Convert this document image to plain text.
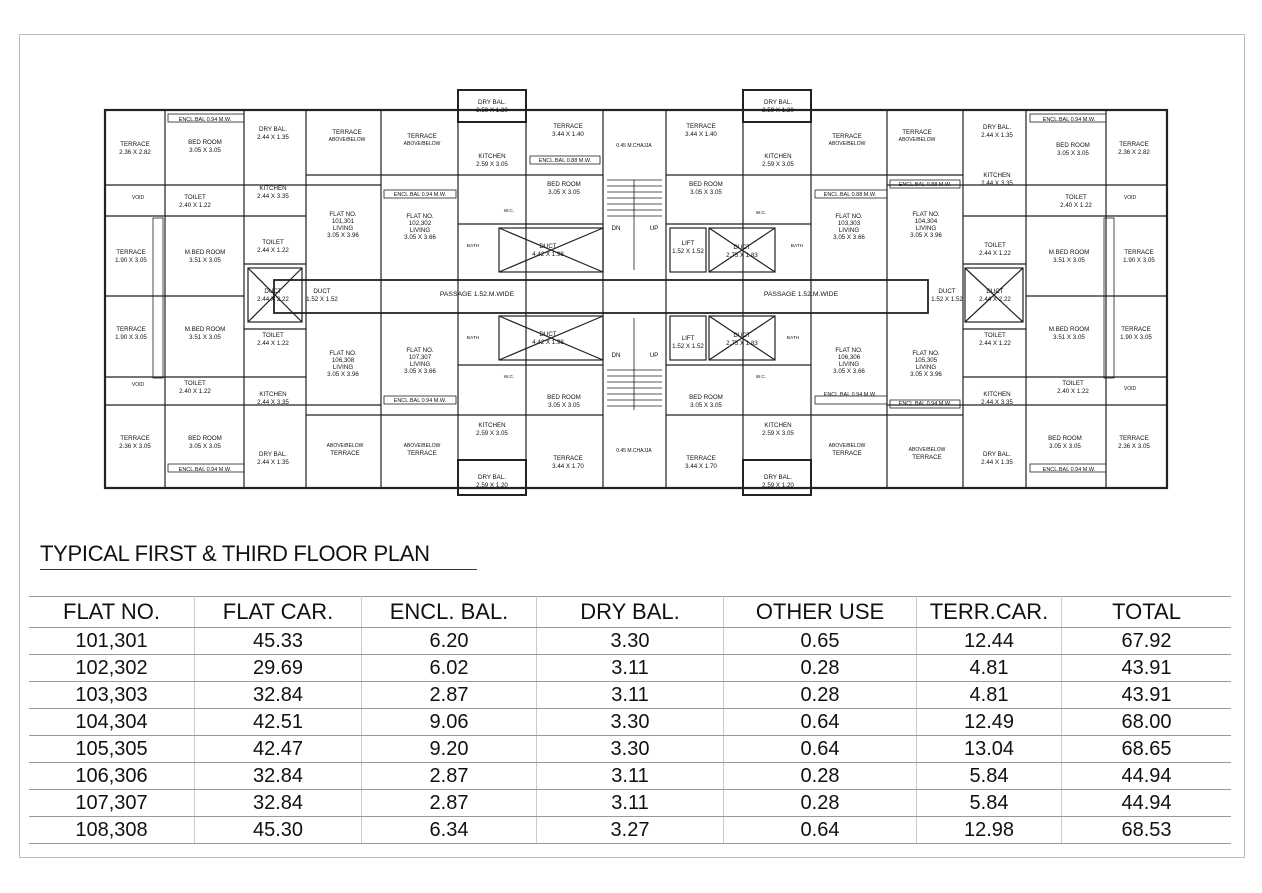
PASSAGE 1.52.M.WIDE
PASSAGE 1.52.M.WIDE
FLAT NO.
101,301
LIVING
3.05 X 3.96
FLAT NO.
102,302
LIVING
3.05 X 3.66
FLAT NO.
103,303
LIVING
3.05 X 3.66
FLAT NO.
104,304
LIVING
3.05 X 3.96
FLAT NO.
106,308
LIVING
3.05 X 3.96
FLAT NO.
107,307
LIVING
3.05 X 3.66
FLAT NO.
106,306
LIVING
3.05 X 3.66
FLAT NO.
105,305
LIVING
3.05 X 3.96
TERRACE
2.36 X 2.82
BED ROOM
3.05 X 3.05
DRY BAL.
2.44 X 1.35
KITCHEN
2.44 X 3.35
TOILET
2.40 X 1.22
TOILET
2.44 X 1.22
TERRACE
1.90 X 3.05
M.BED ROOM
3.51 X 3.05
DUCT
2.44 X 2.22
DUCT
1.52 X 1.52
TERRACE
1.90 X 3.05
M.BED ROOM
3.51 X 3.05	TOILET
2.44 X 1.22
TOILET
2.40 X 1.22	KITCHEN
2.44 X 3.35
TERRACE
2.36 X 3.05
BED ROOM
3.05 X 3.05
DRY BAL.
2.44 X 1.35
ENCL.BAL 0.94 M.W.
ENCL.BAL 0.94 M.W.
ENCL.BAL 0.94 M.W.
ENCL.BAL 0.94 M.W.
DRY BAL.
2.59 X 1.20
KITCHEN
2.59 X 3.05
TERRACE
3.44 X 1.40
ENCL.BAL 0.88 M.W.
BED ROOM
3.05 X 3.05
DUCT
4.42 X 1.98
DUCT
4.42 X 1.98
BATH
BATH
W.C.
W.C.
BED ROOM
3.05 X 3.05
KITCHEN
2.59 X 3.05
TERRACE
3.44 X 1.70
DRY BAL.
2.59 X 1.20
0.45 M.CHAJJA
0.45 M.CHAJJA
DN	UP
DN	UP
DRY BAL.
2.59 X 1.20
TERRACE
3.44 X 1.40
KITCHEN
2.59 X 3.05
BED ROOM
3.05 X 3.05
LIFT
1.52 X 1.52
DUCT
2.75 X 1.83
LIFT
1.52 X 1.52
DUCT
2.75 X 1.83
BATH
BATH
W.C.
W.C.
BED ROOM
3.05 X 3.05
KITCHEN
2.59 X 3.05
TERRACE
3.44 X 1.70
DRY BAL.
2.59 X 1.20
ENCL.BAL 0.88 M.W.
ENCL.BAL 0.88 M.W.
ENCL.BAL 0.94 M.W.
ENCL.BAL 0.94 M.W.
TERRACE
ABOVE/BELOW	TERRACE
ABOVE/BELOW
TERRACE
ABOVE/BELOW
TERRACE
ABOVE/BELOW
ABOVE/BELOW
TERRACE
ABOVE/BELOW
TERRACE
ABOVE/BELOW
TERRACE	ABOVE/BELOW
TERRACE
DRY BAL.
2.44 X 1.35
ENCL.BAL 0.94 M.W.
BED ROOM
3.05 X 3.05
TERRACE
2.36 X 2.82
KITCHEN
2.44 X 3.35
TOILET
2.40 X 1.22
VOID
VOID
VOID
VOID
TOILET
2.44 X 1.22	M.BED ROOM
3.51 X 3.05
TERRACE
1.90 X 3.05
DUCT
1.52 X 1.52
DUCT
2.44 X 2.22
TOILET
2.44 X 1.22
M.BED ROOM
3.51 X 3.05
TERRACE
1.90 X 3.05
TOILET
2.40 X 1.22
KITCHEN
2.44 X 3.35
BED ROOM
3.05 X 3.05
TERRACE
2.36 X 3.05
DRY BAL.
2.44 X 1.35
ENCL.BAL 0.94 M.W.
TYPICAL FIRST & THIRD FLOOR PLAN
FLAT NO.	FLAT CAR.	ENCL. BAL.	DRY BAL.	OTHER USE	TERR.CAR.	TOTAL
101,301	45.33	6.20	3.30	0.65	12.44	67.92
102,302	29.69	6.02	3.11	0.28	4.81	43.91
103,303	32.84	2.87	3.11	0.28	4.81	43.91
104,304	42.51	9.06	3.30	0.64	12.49	68.00
105,305	42.47	9.20	3.30	0.64	13.04	68.65
106,306	32.84	2.87	3.11	0.28	5.84	44.94
107,307	32.84	2.87	3.11	0.28	5.84	44.94
108,308	45.30	6.34	3.27	0.64	12.98	68.53
